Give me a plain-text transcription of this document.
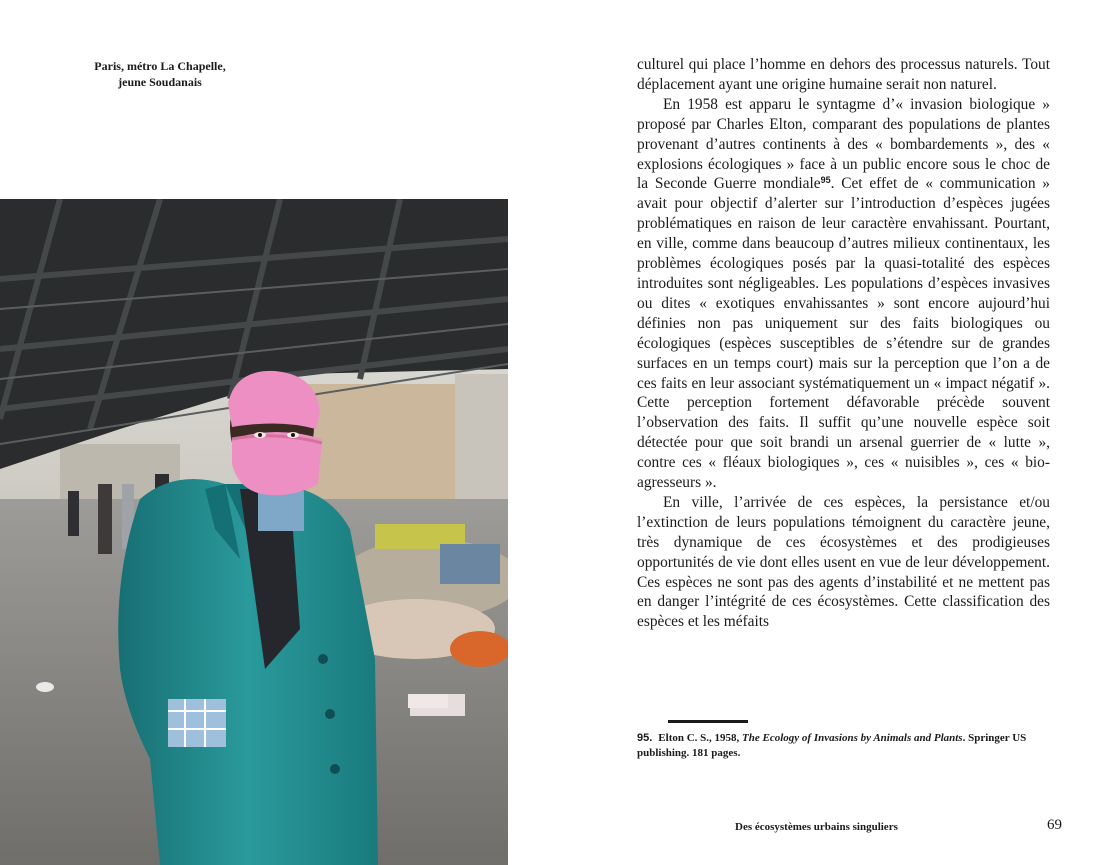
Paris, métro La Chapelle,
jeune Soudanais

culturel qui place l’homme en dehors des processus naturels. Tout déplacement ayant une origine humaine serait non naturel.

En 1958 est apparu le syntagme d’« invasion biologique » proposé par Charles Elton, comparant des populations de plantes provenant d’autres continents à des « bombardements », des « explosions écologiques » face à un public encore sous le choc de la Seconde Guerre mondiale$^{95}$. Cet effet de « communication » avait pour objectif d’alerter sur l’introduction d’espèces jugées problématiques en raison de leur caractère envahissant. Pourtant, en ville, comme dans beaucoup d’autres milieux continentaux, les problèmes écologiques posés par la quasi-totalité des espèces introduites sont négligeables. Les populations d’espèces invasives ou dites « exotiques envahissantes » sont encore aujourd’hui définies non pas uniquement sur des faits biologiques ou écologiques (espèces susceptibles de s’étendre sur de grandes surfaces en un temps court) mais sur la perception que l’on a de ces faits en leur associant systématiquement un « impact négatif ». Cette perception fortement défavorable précède souvent l’observation des faits. Il suffit qu’une nouvelle espèce soit détectée pour que soit brandi un arsenal guerrier de « lutte », contre ces « fléaux biologiques », ces « nuisibles », ces « bio-agresseurs ».

En ville, l’arrivée de ces espèces, la persistance et/ou l’extinction de leurs populations témoignent du caractère jeune, très dynamique de ces écosystèmes et des prodigieuses opportunités de vie dont elles usent en vue de leur développement. Ces espèces ne sont pas des agents d’instabilité et ne mettent pas en danger l’intégrité de ces écosystèmes. Cette classification des espèces et les méfaits

95. Elton C. S., 1958, The Ecology of Invasions by Animals and Plants. Springer US publishing. 181 pages.
Des écosystèmes urbains singuliers	69
